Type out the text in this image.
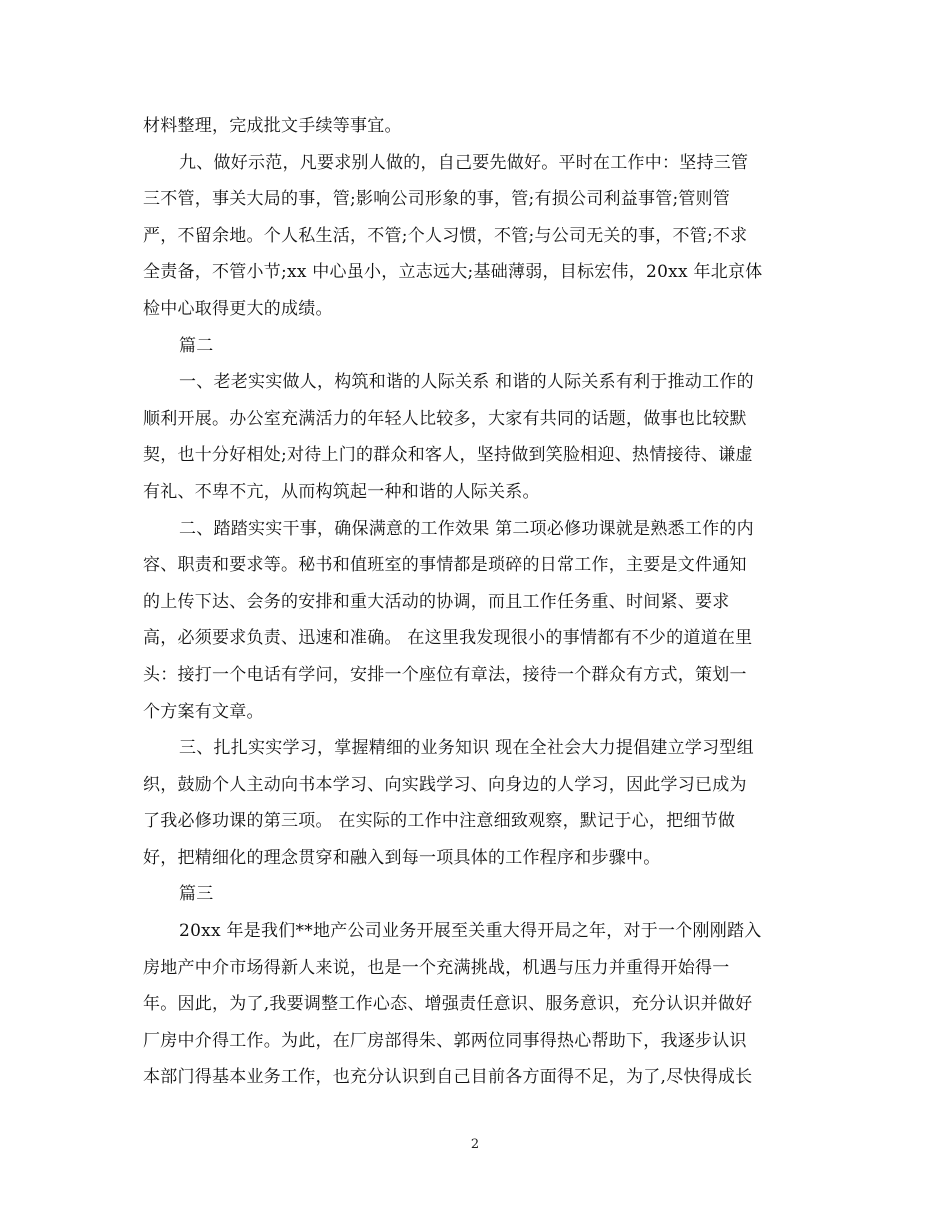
材料整理，完成批文手续等事宜。
九、做好示范，凡要求别人做的，自己要先做好。平时在工作中：坚持三管
三不管，事关大局的事，管;影响公司形象的事，管;有损公司利益事管;管则管
严，不留余地。个人私生活，不管;个人习惯，不管;与公司无关的事，不管;不求
全责备，不管小节;xx 中心虽小，立志远大;基础薄弱，目标宏伟，20xx 年北京体
检中心取得更大的成绩。
篇二
一、老老实实做人，构筑和谐的人际关系 和谐的人际关系有利于推动工作的
顺利开展。办公室充满活力的年轻人比较多，大家有共同的话题，做事也比较默
契，也十分好相处;对待上门的群众和客人，坚持做到笑脸相迎、热情接待、谦虚
有礼、不卑不亢，从而构筑起一种和谐的人际关系。
二、踏踏实实干事，确保满意的工作效果 第二项必修功课就是熟悉工作的内
容、职责和要求等。秘书和值班室的事情都是琐碎的日常工作，主要是文件通知
的上传下达、会务的安排和重大活动的协调，而且工作任务重、时间紧、要求
高，必须要求负责、迅速和准确。 在这里我发现很小的事情都有不少的道道在里
头：接打一个电话有学问，安排一个座位有章法，接待一个群众有方式，策划一
个方案有文章。
三、扎扎实实学习，掌握精细的业务知识 现在全社会大力提倡建立学习型组
织，鼓励个人主动向书本学习、向实践学习、向身边的人学习，因此学习已成为
了我必修功课的第三项。 在实际的工作中注意细致观察，默记于心，把细节做
好，把精细化的理念贯穿和融入到每一项具体的工作程序和步骤中。
篇三
20xx 年是我们**地产公司业务开展至关重大得开局之年，对于一个刚刚踏入
房地产中介市场得新人来说，也是一个充满挑战，机遇与压力并重得开始得一
年。因此，为了,我要调整工作心态、增强责任意识、服务意识，充分认识并做好
厂房中介得工作。为此，在厂房部得朱、郭两位同事得热心帮助下，我逐步认识
本部门得基本业务工作，也充分认识到自己目前各方面得不足，为了,尽快得成长
2
